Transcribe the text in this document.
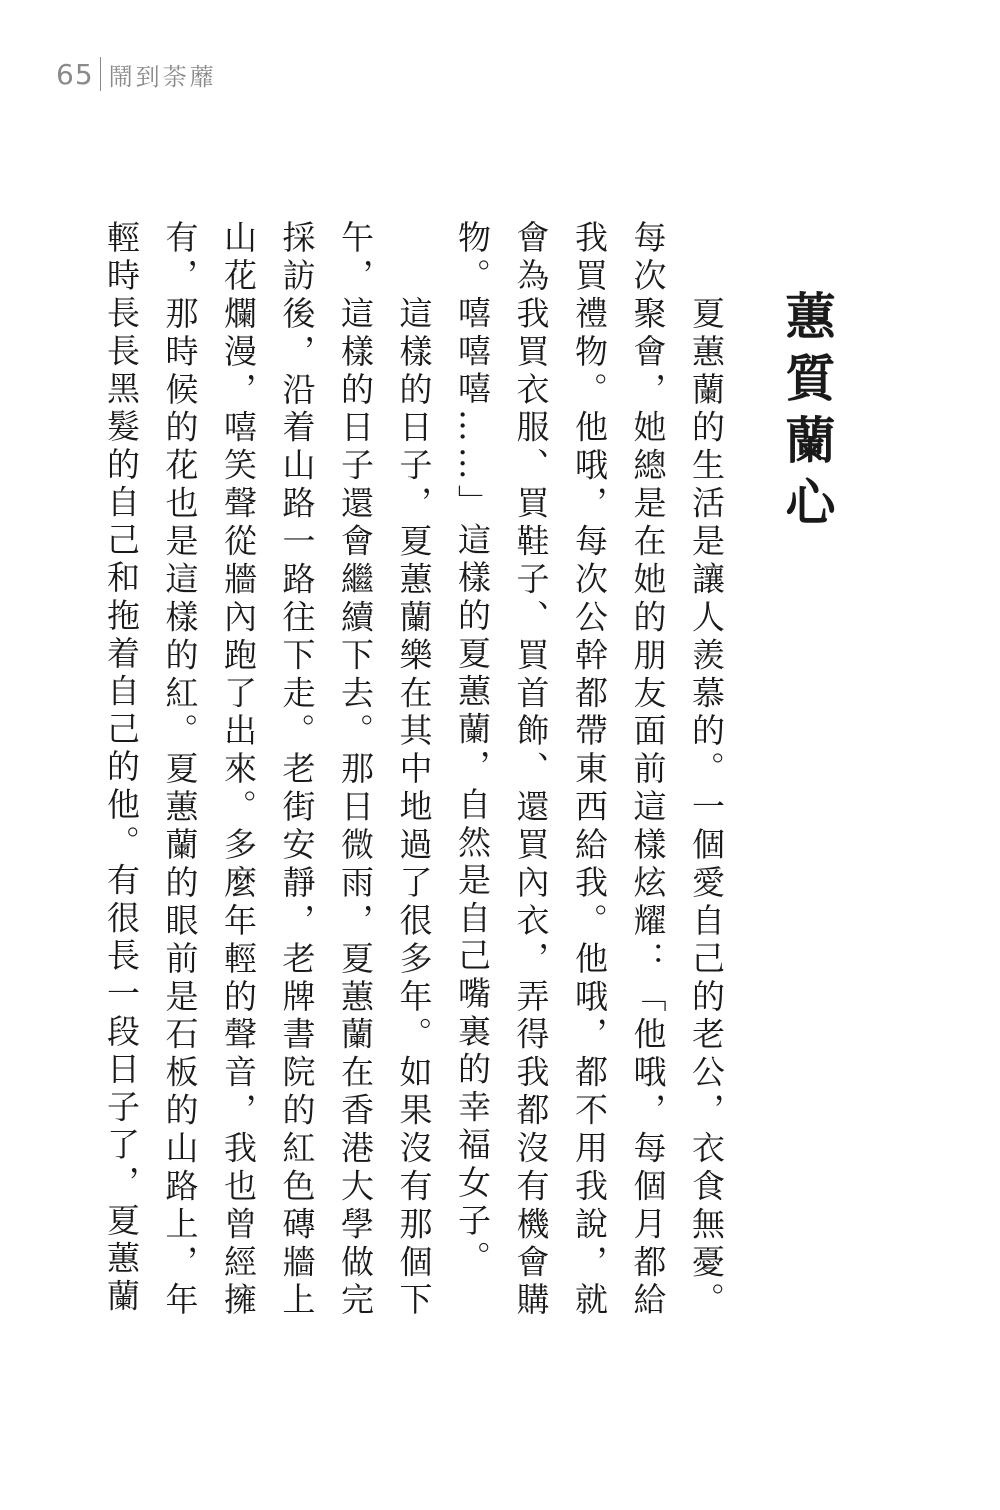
65 鬧到荼蘼
蕙質蘭心

　　夏蕙蘭的生活是讓人羨慕的。一個愛自己的老公，衣食無憂。每次聚會，她總是在她的朋友面前這樣炫耀：「他哦，每個月都給我買禮物。他哦，每次公幹都帶東西給我。他哦，都不用我說，就會為我買衣服、買鞋子、買首飾、還買內衣，弄得我都沒有機會購物。嘻嘻嘻……」這樣的夏蕙蘭，自然是自己嘴裏的幸福女子。

　　這樣的日子，夏蕙蘭樂在其中地過了很多年。如果沒有那個下午，這樣的日子還會繼續下去。那日微雨，夏蕙蘭在香港大學做完採訪後，沿着山路一路往下走。老街安靜，老牌書院的紅色磚牆上山花爛漫，嘻笑聲從牆內跑了出來。多麼年輕的聲音，我也曾經擁有，那時候的花也是這樣的紅。夏蕙蘭的眼前是石板的山路上，年輕時長長黑髮的自己和拖着自己的他。有很長一段日子了，夏蕙蘭
